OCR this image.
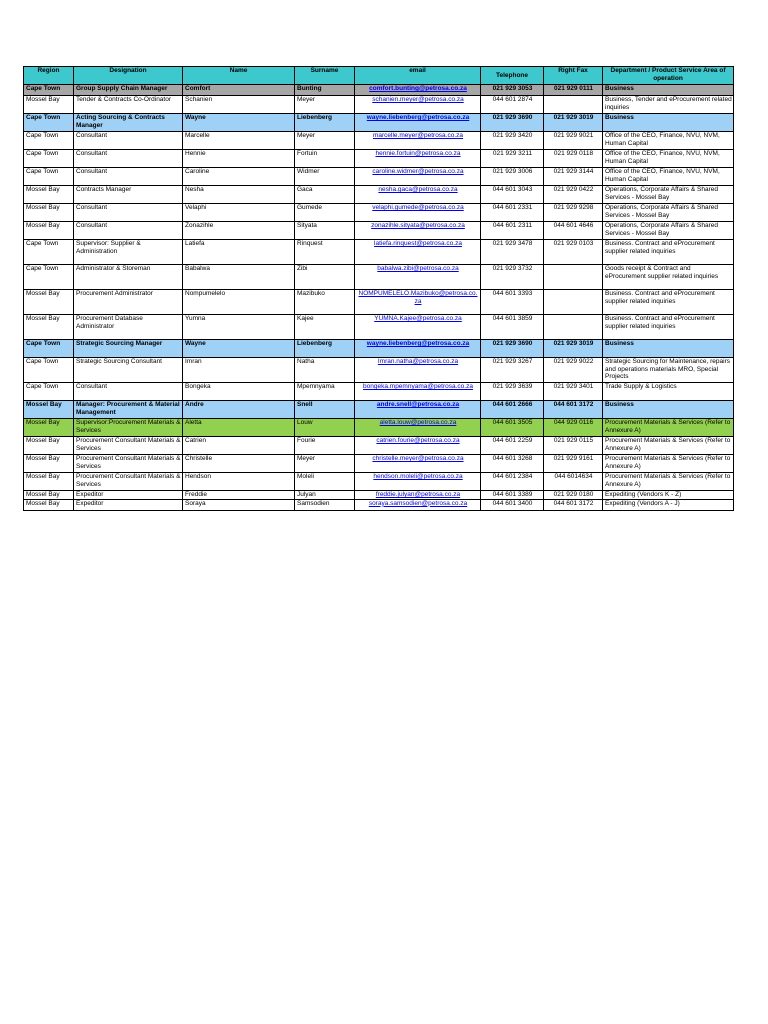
Region	Designation	Name	Surname	email	Telephone	Right Fax	Department / Product Service Area of operation
Cape Town	Group Supply Chain Manager	Comfort	Bunting	comfort.bunting@petrosa.co.za	021 929 3053	021 929 0111	Business
Mossel Bay	Tender & Contracts Co-Ordinator	Schanien	Meyer	schanien.meyer@petrosa.co.za	044 601 2874		Business, Tender and eProcurement related inquiries
Cape Town	Acting Sourcing & Contracts Manager	Wayne	Liebenberg	wayne.liebenberg@petrosa.co.za	021 929 3690	021 929 3019	Business
Cape Town	Consultant	Marcelle	Meyer	marcelle.meyer@petrosa.co.za	021 929 3420	021 929 9021	Office of the CEO, Finance, NVU, NVM, Human Capital
Cape Town	Consultant	Hennie	Fortuin	hennie.fortuin@petrosa.co.za	021 929 3211	021 929 0118	Office of the CEO, Finance, NVU, NVM, Human Capital
Cape Town	Consultant	Caroline	Widmer	caroline.widmer@petrosa.co.za	021 929 3006	021 929 3144	Office of the CEO, Finance, NVU, NVM, Human Capital
Mossel Bay	Contracts Manager	Nesha	Gaca	nesha.gaca@petrosa.co.za	044 601 3043	021 929 0422	Operations, Corporate Affairs & Shared Services - Mossel Bay
Mossel Bay	Consultant	Velaphi	Gumede	velaphi.gumede@petrosa.co.za	044 601 2331	021 929 9298	Operations, Corporate Affairs & Shared Services - Mossel Bay
Mossel Bay	Consultant	Zonazihle	Sityata	zonazihle.sityata@petrosa.co.za	044 601 2311	044 601 4646	Operations, Corporate Affairs & Shared Services - Mossel Bay
Cape Town	Supervisor: Supplier & Administration	Latiefa	Rinquest	latiefa.rinquest@petrosa.co.za	021 929 3478	021 929 0103	Business. Contract and eProcurement supplier related inquiries
Cape Town	Administrator & Storeman	Babalwa	Zibi	babalwa.zibi@petrosa.co.za	021 929 3732		Goods receipt & Contract and eProcurement supplier related inquiries
Mossel Bay	Procurement Administrator	Nompumelelo	Mazibuko	NOMPUMELELO.Mazibuko@petrosa.co.za	044 601 3393		Business. Contract and eProcurement supplier related inquiries
Mossel Bay	Procurement Database Administrator	Yumna	Kajee	YUMNA.Kajee@petrosa.co.za	044 601 3859		Business. Contract and eProcurement supplier related inquiries
Cape Town	Strategic Sourcing Manager	Wayne	Liebenberg	wayne.liebenberg@petrosa.co.za	021 929 3690	021 929 3019	Business
Cape Town	Strategic Sourcing Consultant	Imran	Natha	Imran.natha@petrosa.co.za	021 929 3267	021 929 9022	Strategic Sourcing for Maintenance, repairs and operations materials MRO, Special Projects
Cape Town	Consultant	Bongeka	Mpemnyama	bongeka.mpemnyama@petrosa.co.za	021 929 3639	021 929 3401	Trade Supply & Logistics
Mossel Bay	Manager: Procurement & Material Management	Andre	Snell	andre.snell@petrosa.co.za	044 601 2666	044 601 3172	Business
Mossel Bay	Supervisor:Procurement Materials & Services	Aletta	Louw	aletta.louw@petrosa.co.za	044 601 3505	044 929 0116	Procurement Materials & Services (Refer to Annexure A)
Mossel Bay	Procurement Consultant Materials & Services	Catrien	Fourie	catrien.fourie@petrosa.co.za	044 601 2259	021 929 0115	Procurement Materials & Services (Refer to Annexure A)
Mossel Bay	Procurement Consultant Materials & Services	Christelle	Meyer	christelle.meyer@petrosa.co.za	044 601 3268	021 929 9161	Procurement Materials & Services (Refer to Annexure A)
Mossel Bay	Procurement Consultant Materials & Services	Hendson	Moleli	hendson.moleli@petrosa.co.za	044 601 2384	044 6014634	Procurement Materials & Services (Refer to Annexure A)
Mossel Bay	Expeditor	Freddie	Julyan	freddie.julyan@petrosa.co.za	044 601 3389	021 929 0180	Expediting (Vendors K - Z)
Mossel Bay	Expeditor	Soraya	Samsodien	soraya.samsodien@petrosa.co.za	044 601 3400	044 601 3172	Expediting (Vendors A - J)
